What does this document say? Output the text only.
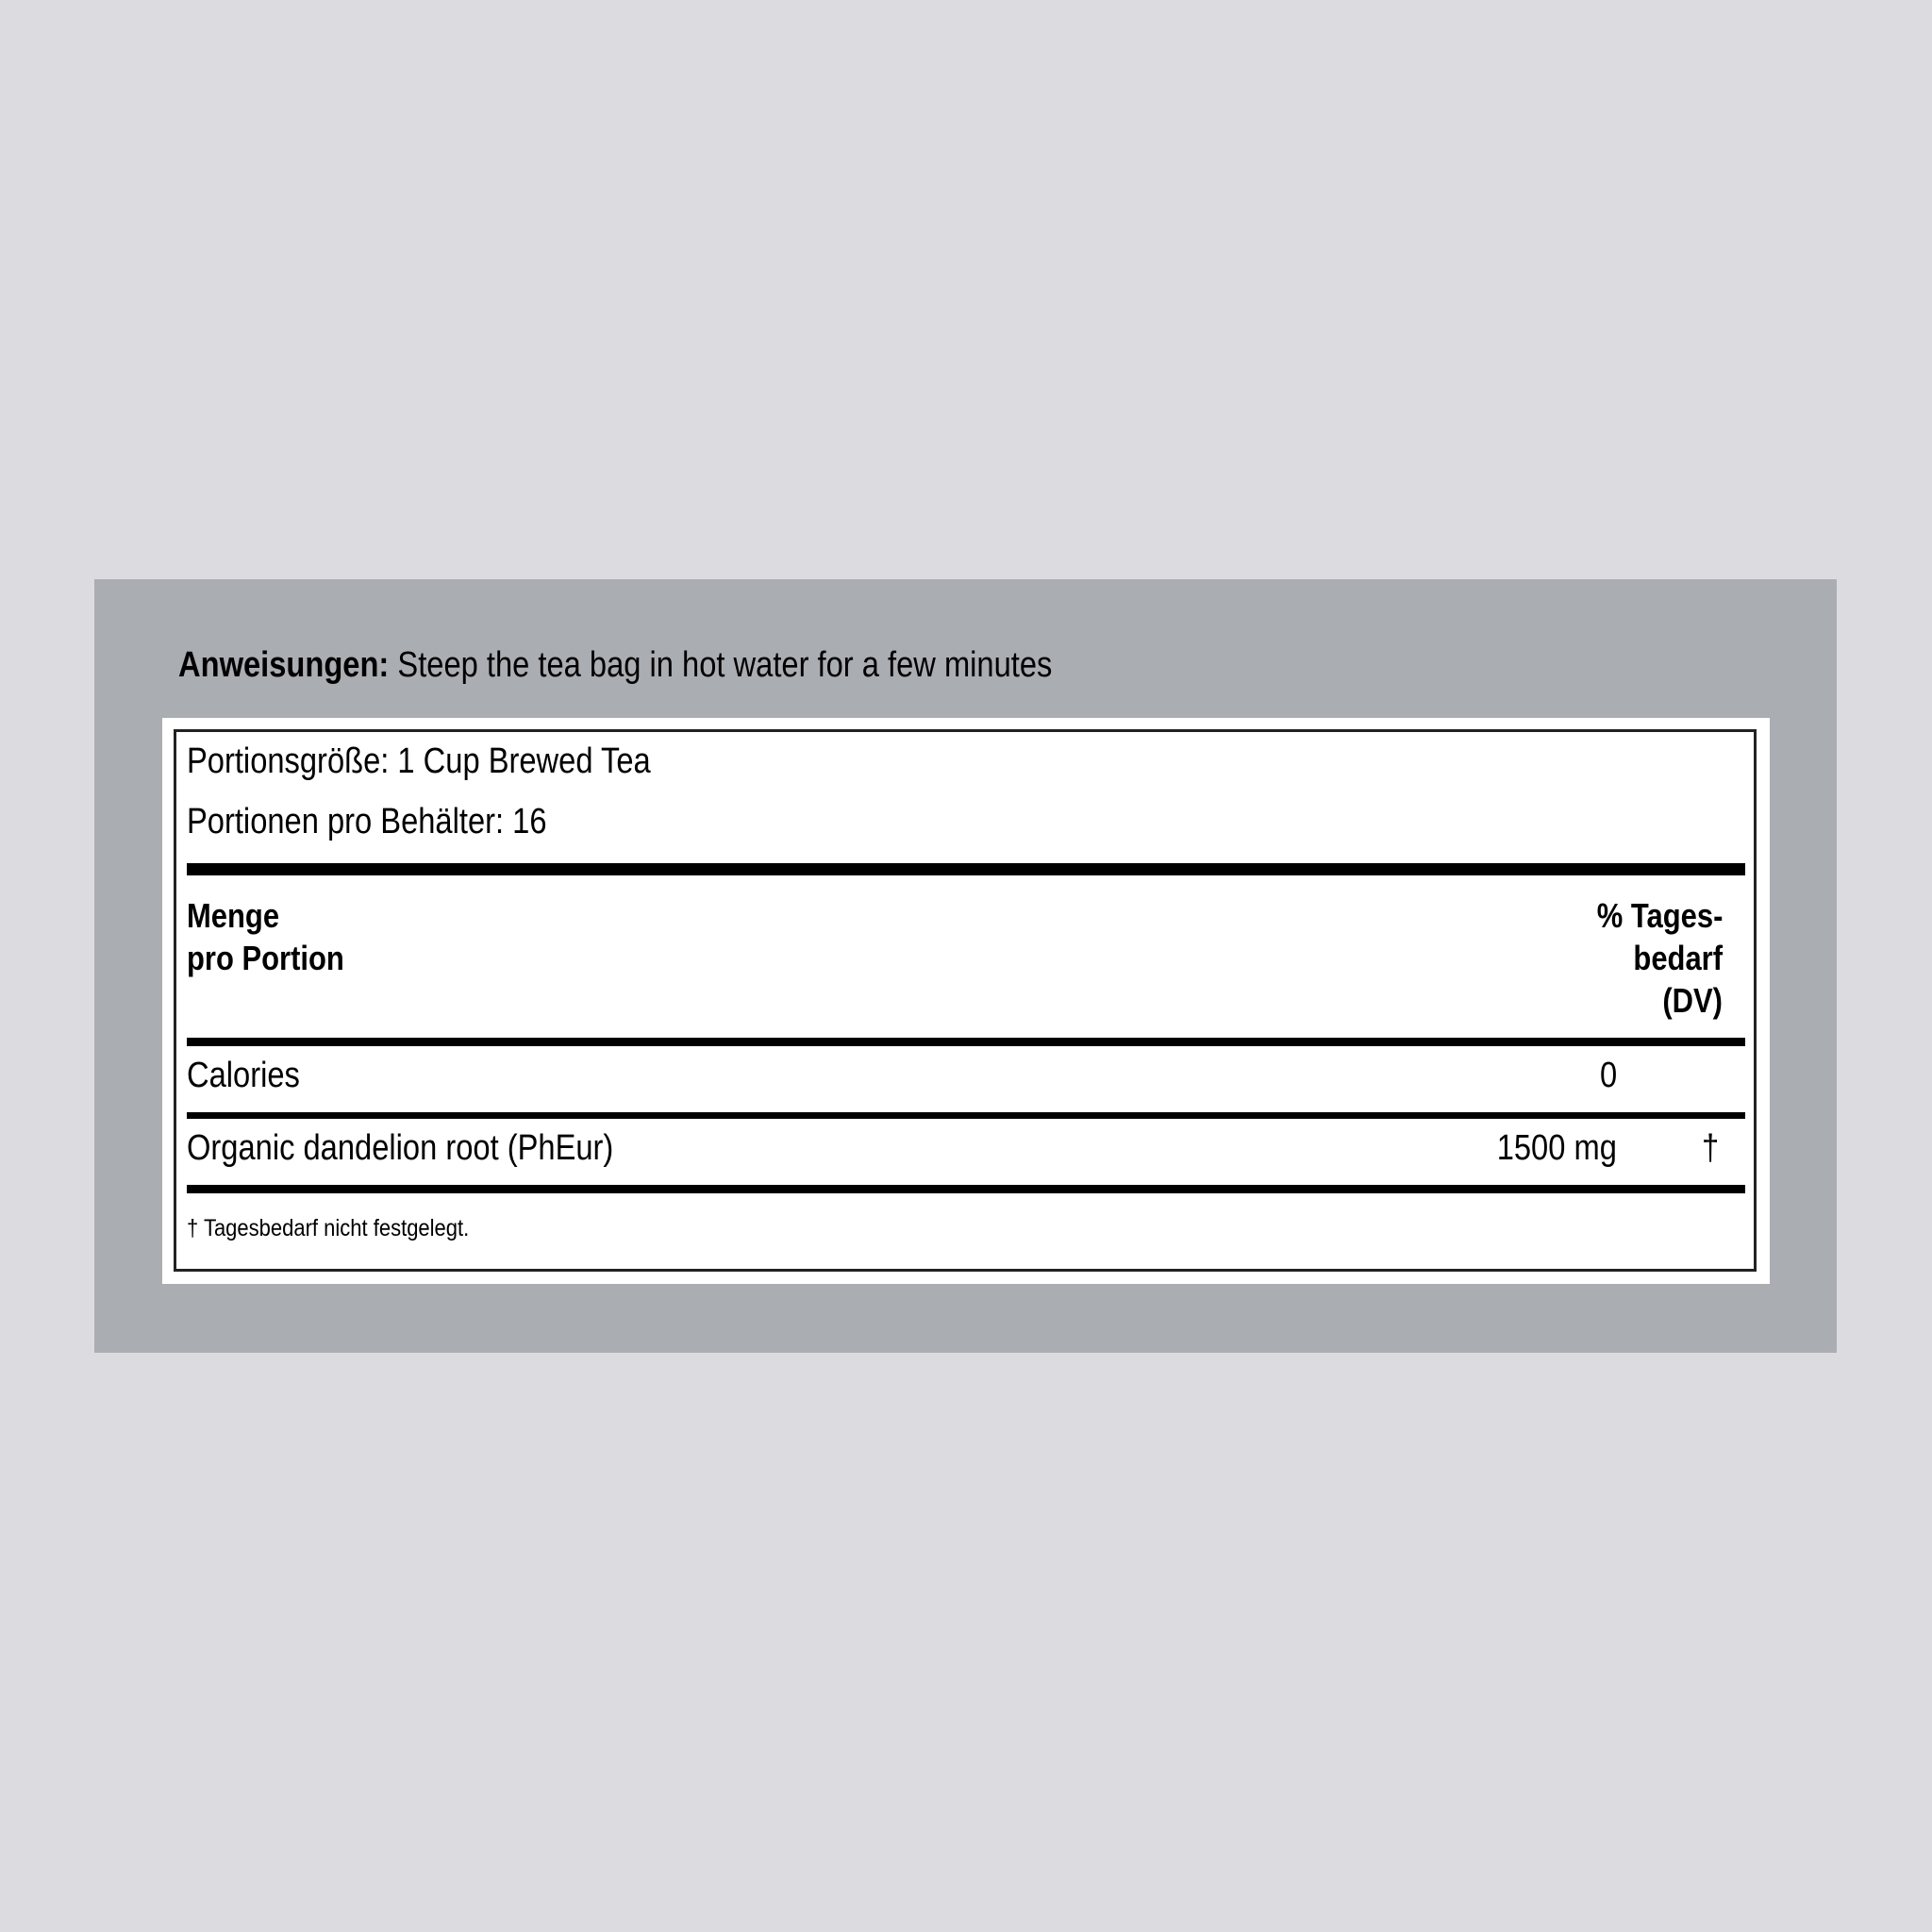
Anweisungen: Steep the tea bag in hot water for a few minutes
Portionsgröße: 1 Cup Brewed Tea
Portionen pro Behälter: 16
Menge
pro Portion
% Tages-
bedarf
(DV)
Calories	0
Organic dandelion root (PhEur)	1500 mg †
† Tagesbedarf nicht festgelegt.
